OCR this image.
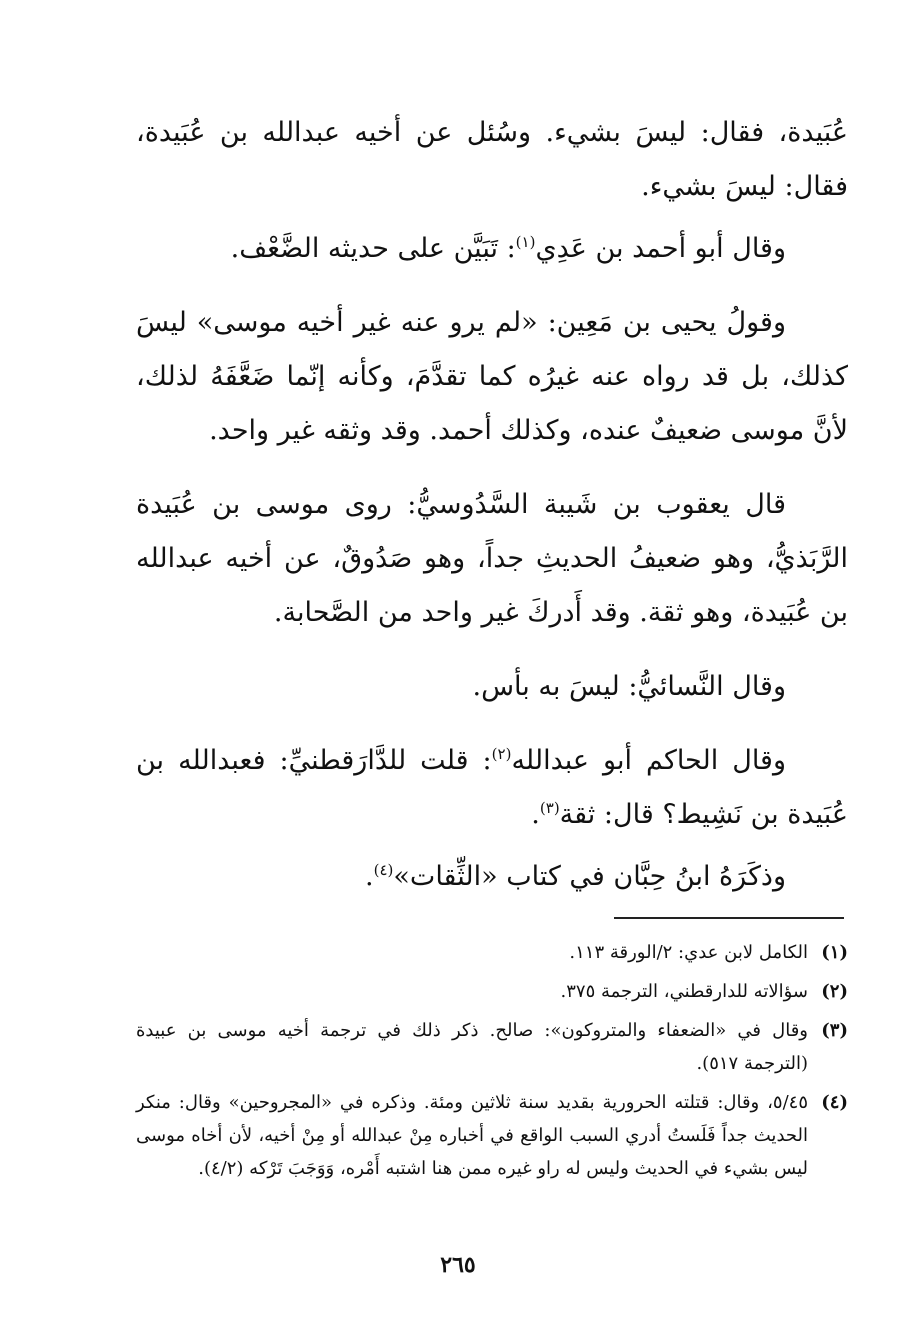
عُبَيدة، فقال: ليسَ بشيء. وسُئل عن أخيه عبدالله بن عُبَيدة، فقال: ليسَ بشيء.

وقال أبو أحمد بن عَدِي$^{(١)}$: تَبَيَّن على حديثه الضَّعْف.

وقولُ يحيى بن مَعِين: «لم يرو عنه غير أخيه موسى» ليسَ كذلك، بل قد رواه عنه غيرُه كما تقدَّمَ، وكأنه إنّما ضَعَّفَهُ لذلك، لأنَّ موسى ضعيفٌ عنده، وكذلك أحمد. وقد وثقه غير واحد.

قال يعقوب بن شَيبة السَّدُوسيُّ: روى موسى بن عُبَيدة الرَّبَذيُّ، وهو ضعيفُ الحديثِ جداً، وهو صَدُوقٌ، عن أخيه عبدالله بن عُبَيدة، وهو ثقة. وقد أَدركَ غير واحد من الصَّحابة.

وقال النَّسائيُّ: ليسَ به بأس.

وقال الحاكم أبو عبدالله$^{(٢)}$: قلت للدَّارَقطنيِّ: فعبدالله بن عُبَيدة بن نَشِيط؟ قال: ثقة$^{(٣)}$.

وذكَرَهُ ابنُ حِبَّان في كتاب «الثِّقات»$^{(٤)}$.

(١)
الكامل لابن عدي: ٢/الورقة ١١٣.
(٢)
سؤالاته للدارقطني، الترجمة ٣٧٥.
(٣)
وقال في «الضعفاء والمتروكون»: صالح. ذكر ذلك في ترجمة أخيه موسى بن عبيدة (الترجمة ٥١٧).
(٤)
٥/٤٥، وقال: قتلته الحرورية بقديد سنة ثلاثين ومئة. وذكره في «المجروحين» وقال: منكر الحديث جداً فَلَستُ أدري السبب الواقع في أخباره مِنْ عبدالله أو مِنْ أخيه، لأن أخاه موسى ليس بشيء في الحديث وليس له راو غيره ممن هنا اشتبه أَمْره، وَوَجَبَ تَرْكه (٤/٢).
٢٦٥
